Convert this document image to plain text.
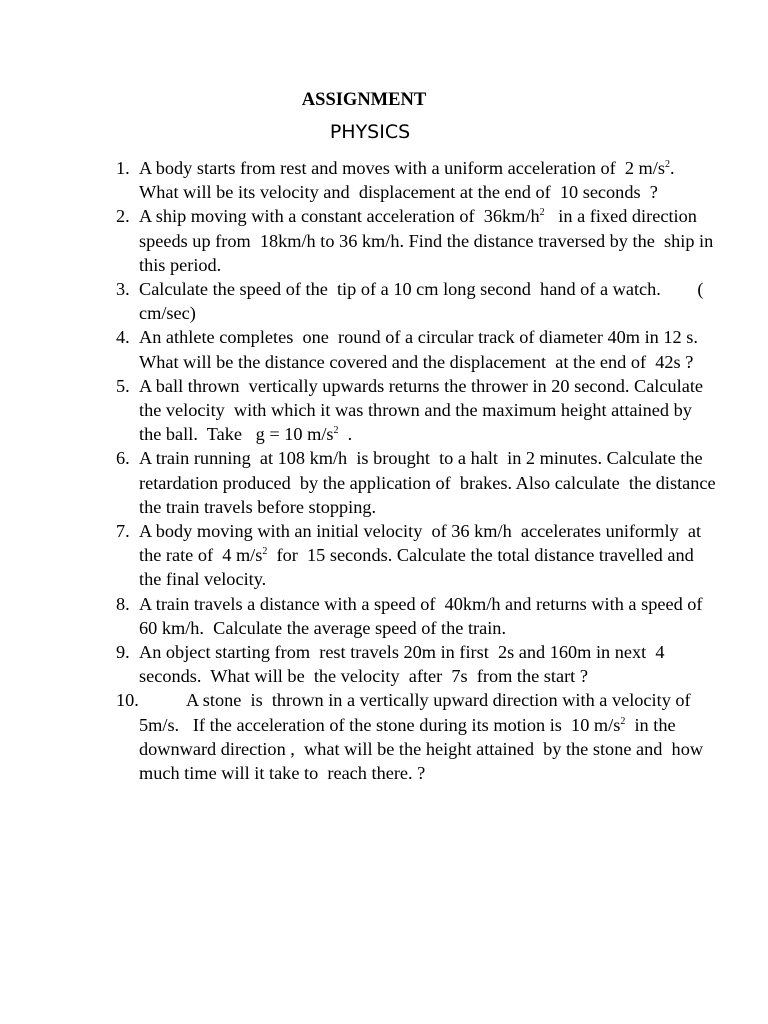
ASSIGNMENT
PHYSICS
1. A body starts from rest and moves with a uniform acceleration of  2 $m/s^2$.  What will be its velocity and  displacement at the end of  10 seconds  ?
2. A ship moving with a constant acceleration of  $36km/h^2$   in a fixed direction speeds up from  18km/h to 36 km/h. Find the distance traversed by the  ship in this period.
3. Calculate the speed of the  tip of a 10 cm long second  hand of a watch.        ( cm/sec)
4. An athlete completes  one  round of a circular track of diameter 40m in 12 s.  What will be the distance covered and the displacement  at the end of  42s ?
5. A ball thrown  vertically upwards returns the thrower in 20 second. Calculate the velocity  with which it was thrown and the maximum height attained by the ball.  Take   g = 10 $m/s^2$  .
6. A train running  at 108 km/h  is brought  to a halt  in 2 minutes. Calculate the retardation produced  by the application of  brakes. Also calculate  the distance the train travels before stopping.
7. A body moving with an initial velocity  of 36 km/h  accelerates uniformly  at the rate of  4 $m/s^2$  for  15 seconds. Calculate the total distance travelled and the final velocity.
8. A train travels a distance with a speed of  40km/h and returns with a speed of  60 km/h.  Calculate the average speed of the train.
9. An object starting from  rest travels 20m in first  2s and 160m in next  4 seconds.  What will be  the velocity  after  7s  from the start ?
10.	A stone  is  thrown in a vertically upward direction with a velocity of  5m/s.   If the acceleration of the stone during its motion is  10 $m/s^2$  in the downward direction ,  what will be the height attained  by the stone and  how much time will it take to  reach there. ?
